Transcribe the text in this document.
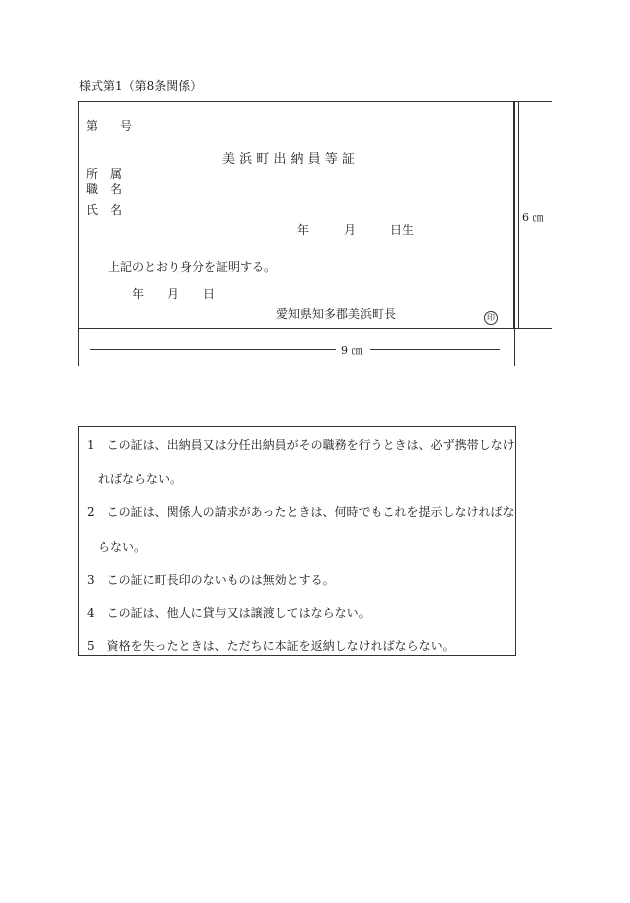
様式第1（第8条関係）
第 号
美 浜 町 出 納 員 等 証
所　属
職　名
氏　名
年	月	日生
上記のとおり身分を証明する。
年 月 日
愛知県知多郡美浜町長	印
6 ㎝
9 ㎝
1　この証は、出納員又は分任出納員がその職務を行うときは、必ず携帯しなけ
ればならない。
2　この証は、関係人の請求があったときは、何時でもこれを提示しなければな
らない。
3　この証に町長印のないものは無効とする。
4　この証は、他人に貸与又は譲渡してはならない。
5　資格を失ったときは、ただちに本証を返納しなければならない。
